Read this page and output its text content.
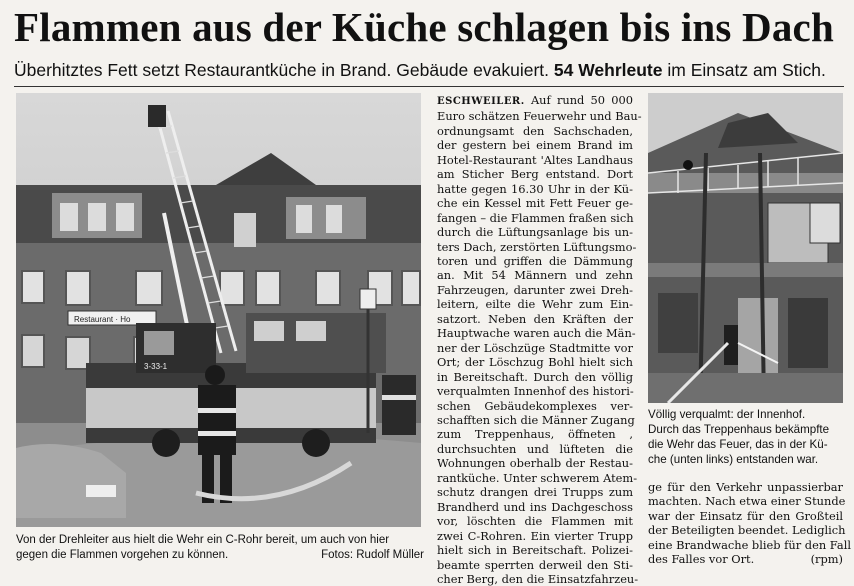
Flammen aus der Küche schlagen bis ins Dach
Überhitztes Fett setzt Restaurantküche in Brand. Gebäude evakuiert. 54 Wehrleute im Einsatz am Stich.
Restaurant · Ho
3-33-1
Von der Drehleiter aus hielt die Wehr ein C-Rohr bereit, um auch von hier
gegen die Flammen vorgehen zu können.	Fotos: Rudolf Müller
ESCHWEILER. Auf rund 50 000
Euro schätzen Feuerwehr und Bau-
ordnungsamt den Sachschaden,
der gestern bei einem Brand im
Hotel-Restaurant 'Altes Landhaus
am Sticher Berg entstand. Dort
hatte gegen 16.30 Uhr in der Kü-
che ein Kessel mit Fett Feuer ge-
fangen – die Flammen fraßen sich
durch die Lüftungsanlage bis un-
ters Dach, zerstörten Lüftungsmo-
toren und griffen die Dämmung
an. Mit 54 Männern und zehn
Fahrzeugen, darunter zwei Dreh-
leitern, eilte die Wehr zum Ein-
satzort. Neben den Kräften der
Hauptwache waren auch die Män-
ner der Löschzüge Stadtmitte vor
Ort; der Löschzug Bohl hielt sich
in Bereitschaft. Durch den völlig
verqualmten Innenhof des histori-
schen Gebäudekomplexes ver-
schafften sich die Männer Zugang
zum Treppenhaus, öffneten ,
durchsuchten und lüfteten die
Wohnungen oberhalb der Restau-
rantküche. Unter schwerem Atem-
schutz drangen drei Trupps zum
Brandherd und ins Dachgeschoss
vor, löschten die Flammen mit
zwei C-Rohren. Ein vierter Trupp
hielt sich in Bereitschaft. Polizei-
beamte sperrten derweil den Sti-
cher Berg, den die Einsatzfahrzeu-
Völlig verqualmt: der Innenhof.
Durch das Treppenhaus bekämpfte
die Wehr das Feuer, das in der Kü-
che (unten links) entstanden war.
ge für den Verkehr unpassierbar
machten. Nach etwa einer Stunde
war der Einsatz für den Großteil
der Beteiligten beendet. Lediglich
eine Brandwache blieb für den Fall
des Falles vor Ort.	(rpm)
